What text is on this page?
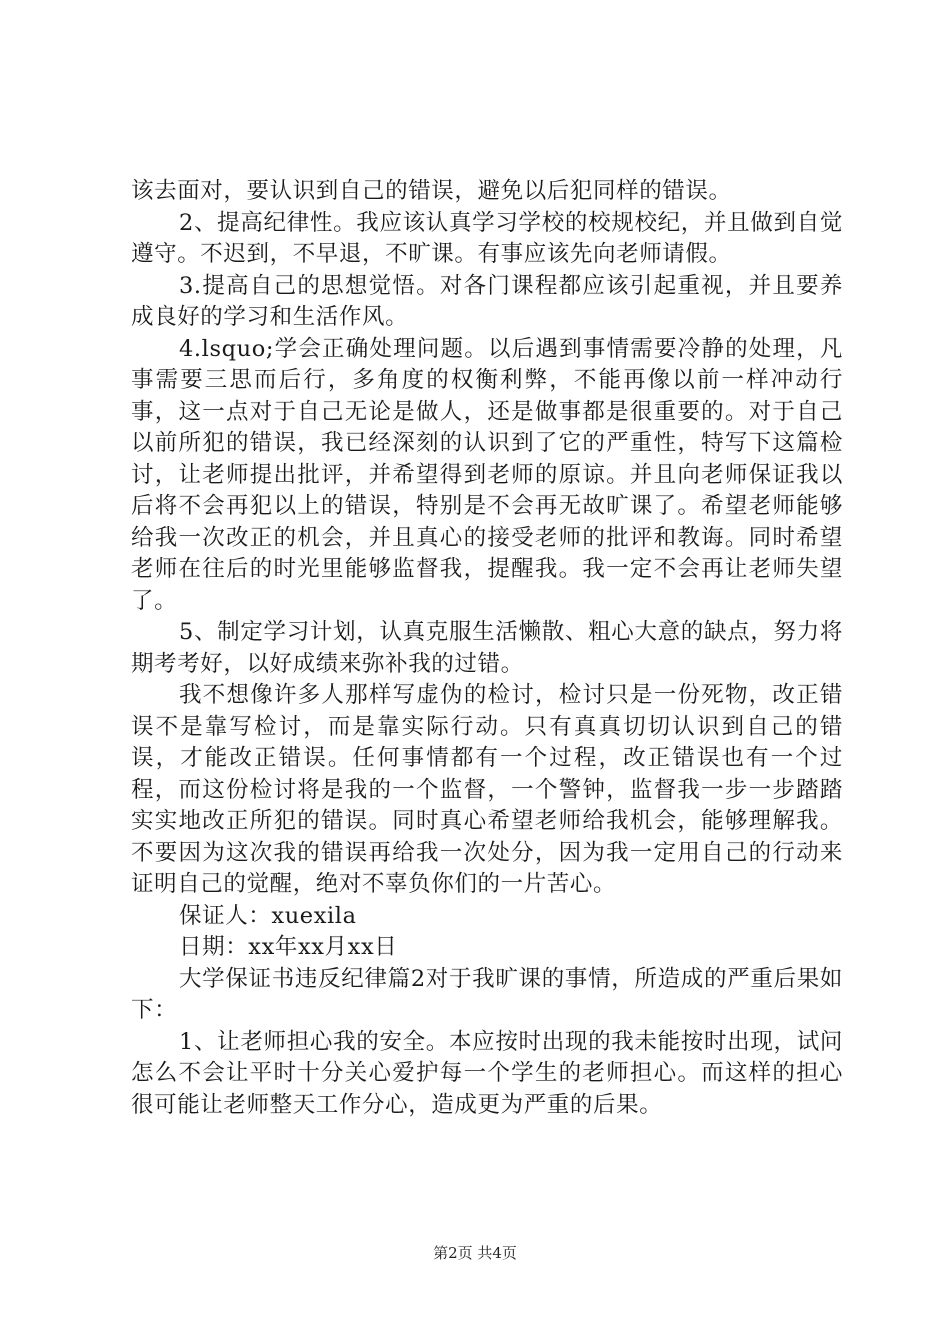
该去面对，要认识到自己的错误，避免以后犯同样的错误。

2、提高纪律性。我应该认真学习学校的校规校纪，并且做到自觉遵守。不迟到，不早退，不旷课。有事应该先向老师请假。

3.提高自己的思想觉悟。对各门课程都应该引起重视，并且要养成良好的学习和生活作风。

4.lsquo;学会正确处理问题。以后遇到事情需要冷静的处理，凡事需要三思而后行，多角度的权衡利弊，不能再像以前一样冲动行事，这一点对于自己无论是做人，还是做事都是很重要的。对于自己以前所犯的错误，我已经深刻的认识到了它的严重性，特写下这篇检讨，让老师提出批评，并希望得到老师的原谅。并且向老师保证我以后将不会再犯以上的错误，特别是不会再无故旷课了。希望老师能够给我一次改正的机会，并且真心的接受老师的批评和教诲。同时希望老师在往后的时光里能够监督我，提醒我。我一定不会再让老师失望了。

5、制定学习计划，认真克服生活懒散、粗心大意的缺点，努力将期考考好，以好成绩来弥补我的过错。

我不想像许多人那样写虚伪的检讨，检讨只是一份死物，改正错误不是靠写检讨，而是靠实际行动。只有真真切切认识到自己的错误，才能改正错误。任何事情都有一个过程，改正错误也有一个过程，而这份检讨将是我的一个监督，一个警钟，监督我一步一步踏踏实实地改正所犯的错误。同时真心希望老师给我机会，能够理解我。不要因为这次我的错误再给我一次处分，因为我一定用自己的行动来证明自己的觉醒，绝对不辜负你们的一片苦心。

保证人：xuexila

日期：xx年xx月xx日

大学保证书违反纪律篇2对于我旷课的事情，所造成的严重后果如下：

1、让老师担心我的安全。本应按时出现的我未能按时出现，试问怎么不会让平时十分关心爱护每一个学生的老师担心。而这样的担心很可能让老师整天工作分心，造成更为严重的后果。

第2页 共4页
